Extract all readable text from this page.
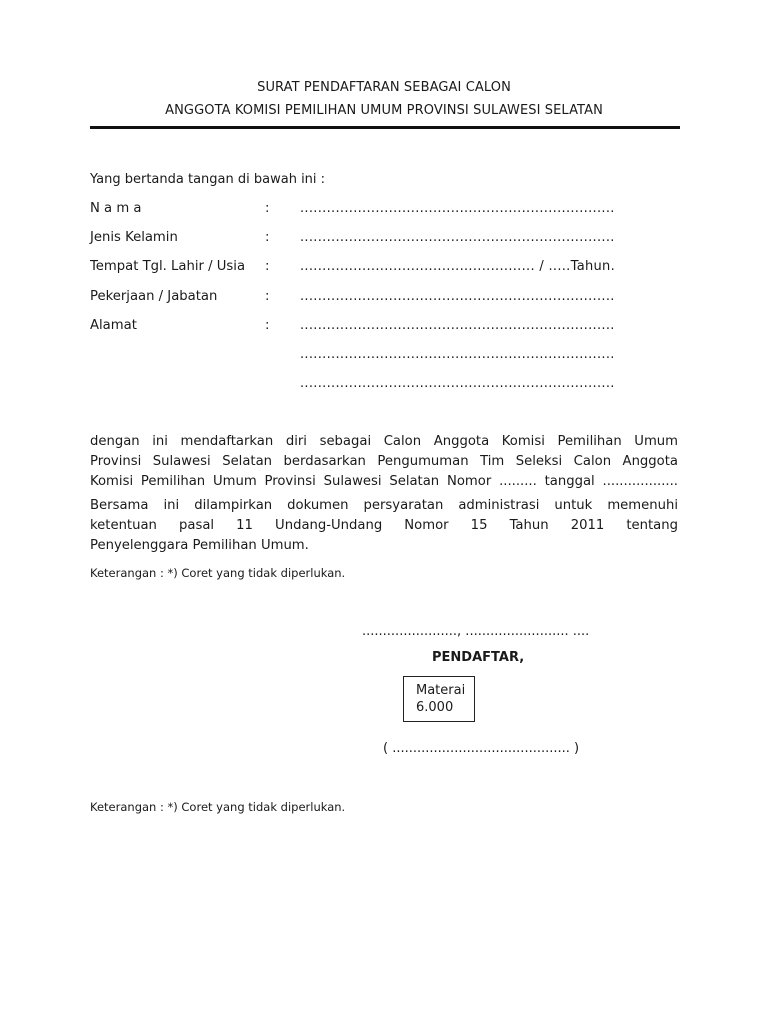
SURAT PENDAFTARAN SEBAGAI CALON
ANGGOTA KOMISI PEMILIHAN UMUM PROVINSI SULAWESI SELATAN
Yang bertanda tangan di bawah ini :
N a m a	: .......................................................................
Jenis Kelamin	: .......................................................................
Tempat Tgl. Lahir / Usia : ..................................................... / .....Tahun.
Pekerjaan / Jabatan	: .......................................................................
Alamat	: .......................................................................
.......................................................................
.......................................................................
dengan ini mendaftarkan diri sebagai Calon Anggota Komisi Pemilihan Umum
Provinsi Sulawesi Selatan berdasarkan Pengumuman Tim Seleksi Calon Anggota
Komisi Pemilihan Umum Provinsi Sulawesi Selatan Nomor ......... tanggal ..................
Bersama ini dilampirkan dokumen persyaratan administrasi untuk memenuhi
ketentuan pasal 11 Undang-Undang Nomor 15 Tahun 2011 tentang
Penyelenggara Pemilihan Umum.
Keterangan : *) Coret yang tidak diperlukan.
......................., ......................... ....
PENDAFTAR,
Materai
6.000
( ........................................... )
Keterangan : *) Coret yang tidak diperlukan.
